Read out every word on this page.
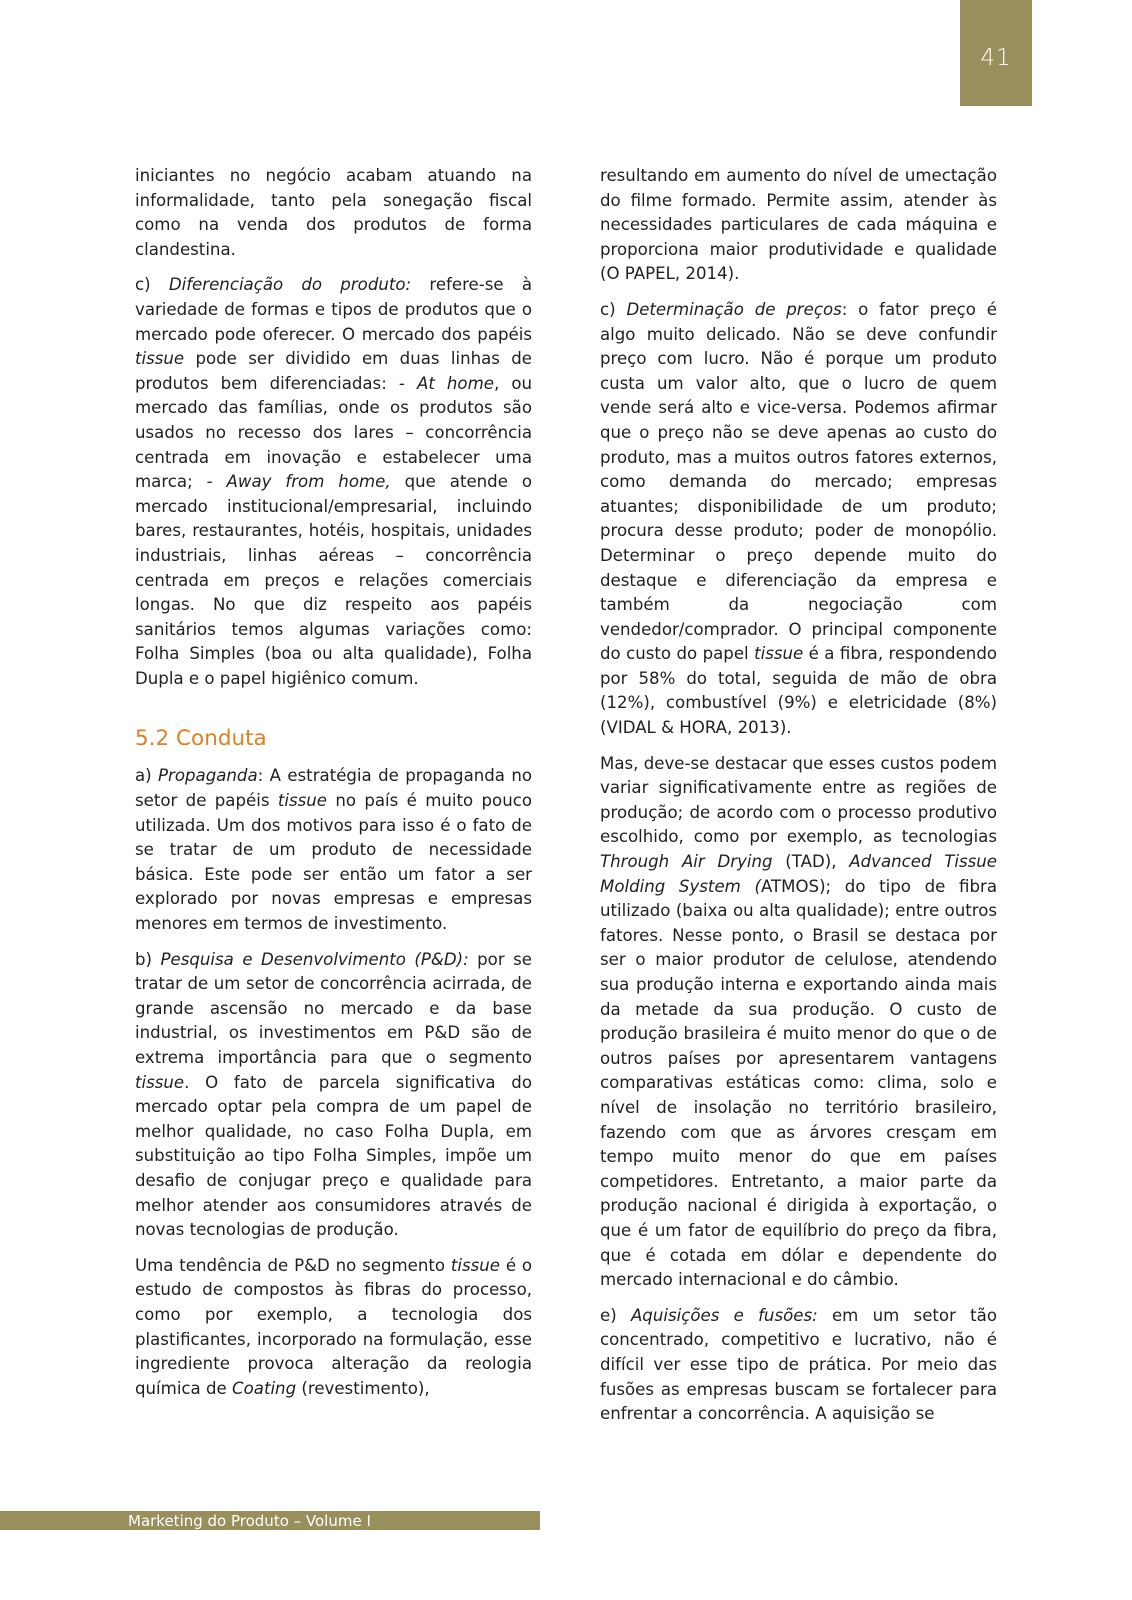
41

iniciantes no negócio acabam atuando na informalidade, tanto pela sonegação fiscal como na venda dos produtos de forma clandestina.

c) Diferenciação do produto: refere-se à variedade de formas e tipos de produtos que o mercado pode oferecer. O mercado dos papéis tissue pode ser dividido em duas linhas de produtos bem diferenciadas: - At home, ou mercado das famílias, onde os produtos são usados no recesso dos lares – concorrência centrada em inovação e estabelecer uma marca; - Away from home, que atende o mercado institucional/empresarial, incluindo bares, restaurantes, hotéis, hospitais, unidades industriais, linhas aéreas – concorrência centrada em preços e relações comerciais longas. No que diz respeito aos papéis sanitários temos algumas variações como: Folha Simples (boa ou alta qualidade), Folha Dupla e o papel higiênico comum.

5.2 Conduta

a) Propaganda: A estratégia de propaganda no setor de papéis tissue no país é muito pouco utilizada. Um dos motivos para isso é o fato de se tratar de um produto de necessidade básica. Este pode ser então um fator a ser explorado por novas empresas e empresas menores em termos de investimento.

b) Pesquisa e Desenvolvimento (P&D): por se tratar de um setor de concorrência acirrada, de grande ascensão no mercado e da base industrial, os investimentos em P&D são de extrema importância para que o segmento tissue. O fato de parcela significativa do mercado optar pela compra de um papel de melhor qualidade, no caso Folha Dupla, em substituição ao tipo Folha Simples, impõe um desafio de conjugar preço e qualidade para melhor atender aos consumidores através de novas tecnologias de produção.

Uma tendência de P&D no segmento tissue é o estudo de compostos às fibras do processo, como por exemplo, a tecnologia dos plastificantes, incorporado na formulação, esse ingrediente provoca alteração da reologia química de Coating (revestimento),

resultando em aumento do nível de umectação do filme formado. Permite assim, atender às necessidades particulares de cada máquina e proporciona maior produtividade e qualidade (O PAPEL, 2014).

c) Determinação de preços: o fator preço é algo muito delicado. Não se deve confundir preço com lucro. Não é porque um produto custa um valor alto, que o lucro de quem vende será alto e vice-versa. Podemos afirmar que o preço não se deve apenas ao custo do produto, mas a muitos outros fatores externos, como demanda do mercado; empresas atuantes; disponibilidade de um produto; procura desse produto; poder de monopólio. Determinar o preço depende muito do destaque e diferenciação da empresa e também da negociação com vendedor/comprador. O principal componente do custo do papel tissue é a fibra, respondendo por 58% do total, seguida de mão de obra (12%), combustível (9%) e eletricidade (8%) (VIDAL & HORA, 2013).

Mas, deve-se destacar que esses custos podem variar significativamente entre as regiões de produção; de acordo com o processo produtivo escolhido, como por exemplo, as tecnologias Through Air Drying (TAD), Advanced Tissue Molding System (ATMOS); do tipo de fibra utilizado (baixa ou alta qualidade); entre outros fatores. Nesse ponto, o Brasil se destaca por ser o maior produtor de celulose, atendendo sua produção interna e exportando ainda mais da metade da sua produção. O custo de produção brasileira é muito menor do que o de outros países por apresentarem vantagens comparativas estáticas como: clima, solo e nível de insolação no território brasileiro, fazendo com que as árvores cresçam em tempo muito menor do que em países competidores. Entretanto, a maior parte da produção nacional é dirigida à exportação, o que é um fator de equilíbrio do preço da fibra, que é cotada em dólar e dependente do mercado internacional e do câmbio.

e) Aquisições e fusões: em um setor tão concentrado, competitivo e lucrativo, não é difícil ver esse tipo de prática. Por meio das fusões as empresas buscam se fortalecer para enfrentar a concorrência. A aquisição se

Marketing do Produto – Volume I
